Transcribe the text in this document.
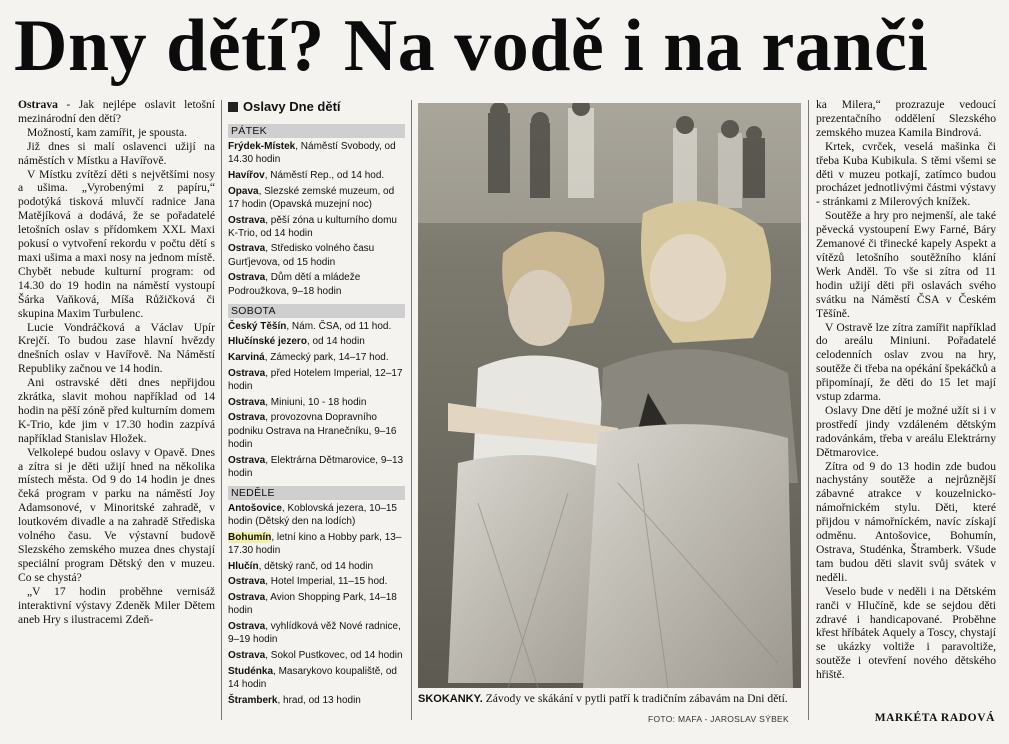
Dny dětí? Na vodě i na ranči

Ostrava - Jak nejlépe oslavit letošní mezinárodní den dětí?

Možností, kam zamířit, je spousta.

Již dnes si malí oslavenci užijí na náměstích v Místku a Havířově.

V Místku zvítězí děti s největšími nosy a ušima. „Vyrobenými z papíru,“ podotýká tisková mluvčí radnice Jana Matějíková a dodává, že se pořadatelé letošních oslav s přídomkem XXL Maxi pokusí o vytvoření rekordu v počtu dětí s maxi ušima a maxi nosy na jednom místě. Chybět nebude kulturní program: od 14.30 do 19 hodin na náměstí vystoupí Šárka Vaňková, Míša Růžičková či skupina Maxim Turbulenc.

Lucie Vondráčková a Václav Upír Krejčí. To budou zase hlavní hvězdy dnešních oslav v Havířově. Na Náměstí Republiky začnou ve 14 hodin.

Ani ostravské děti dnes nepřijdou zkrátka, slavit mohou například od 14 hodin na pěší zóně před kulturním domem K-Trio, kde jim v 17.30 hodin zazpívá například Stanislav Hložek.

Velkolepé budou oslavy v Opavě. Dnes a zítra si je děti užijí hned na několika místech města. Od 9 do 14 hodin je dnes čeká program v parku na náměstí Joy Adamsonové, v Minoritské zahradě, v loutkovém divadle a na zahradě Střediska volného času. Ve výstavní budově Slezského zemského muzea dnes chystají speciální program Dětský den v muzeu. Co se chystá?

„V 17 hodin proběhne vernisáž interaktivní výstavy Zdeněk Miler Dětem aneb Hry s ilustracemi Zdeň-

Oslavy Dne dětí
PÁTEK
Frýdek-Místek, Náměstí Svobody, od 14.30 hodin
Havířov, Náměstí Rep., od 14 hod.
Opava, Slezské zemské muzeum, od 17 hodin (Opavská muzejní noc)
Ostrava, pěší zóna u kulturního domu K-Trio, od 14 hodin
Ostrava, Středisko volného času Gurťjevova, od 15 hodin
Ostrava, Dům dětí a mládeže Podroužkova, 9–18 hodin
SOBOTA
Český Těšín, Nám. ČSA, od 11 hod.
Hlučínské jezero, od 14 hodin
Karviná, Zámecký park, 14–17 hod.
Ostrava, před Hotelem Imperial, 12–17 hodin
Ostrava, Miniuni, 10 - 18 hodin
Ostrava, provozovna Dopravního podniku Ostrava na Hranečníku, 9–16 hodin
Ostrava, Elektrárna Dětmarovice, 9–13 hodin
NEDĚLE
Antošovice, Koblovská jezera, 10–15 hodin (Dětský den na lodích)
Bohumín, letní kino a Hobby park, 13–17.30 hodin
Hlučín, dětský ranč, od 14 hodin
Ostrava, Hotel Imperial, 11–15 hod.
Ostrava, Avion Shopping Park, 14–18 hodin
Ostrava, vyhlídková věž Nové radnice, 9–19 hodin
Ostrava, Sokol Pustkovec, od 14 hodin
Studénka, Masarykovo koupaliště, od 14 hodin
Štramberk, hrad, od 13 hodin	SKOKANKY. Závody ve skákání v pytli patří k tradičním zábavám na Dni dětí.
FOTO: MAFA - JAROSLAV SÝBEK

ka Milera,“ prozrazuje vedoucí prezentačního oddělení Slezského zemského muzea Kamila Bindrová.

Krtek, cvrček, veselá mašinka či třeba Kuba Kubikula. S těmi všemi se děti v muzeu potkají, zatímco budou procházet jednotlivými částmi výstavy - stránkami z Milerových knížek.

Soutěže a hry pro nejmenší, ale také pěvecká vystoupení Ewy Farné, Báry Zemanové či třinecké kapely Aspekt a vítězů letošního soutěžního klání Werk Anděl. To vše si zítra od 11 hodin užijí děti při oslavách svého svátku na Náměstí ČSA v Českém Těšíně.

V Ostravě lze zítra zamířit například do areálu Miniuni. Pořadatelé celodenních oslav zvou na hry, soutěže či třeba na opékání špekáčků a připomínají, že děti do 15 let mají vstup zdarma.

Oslavy Dne dětí je možné užít si i v prostředí jindy vzdáleném dětským radovánkám, třeba v areálu Elektrárny Dětmarovice.

Zítra od 9 do 13 hodin zde budou nachystány soutěže a nejrůznější zábavné atrakce v kouzelnicko-námořnickém stylu. Děti, které přijdou v námořníckém, navíc získají odměnu. Antošovice, Bohumín, Ostrava, Studénka, Štramberk. Všude tam budou děti slavit svůj svátek v neděli.

Veselo bude v neděli i na Dětském ranči v Hlučíně, kde se sejdou děti zdravé i handicapované. Proběhne křest hříbátek Aquely a Toscy, chystají se ukázky voltiže i paravoltiže, soutěže i otevření nového dětského hřiště.

MARKÉTA RADOVÁ
